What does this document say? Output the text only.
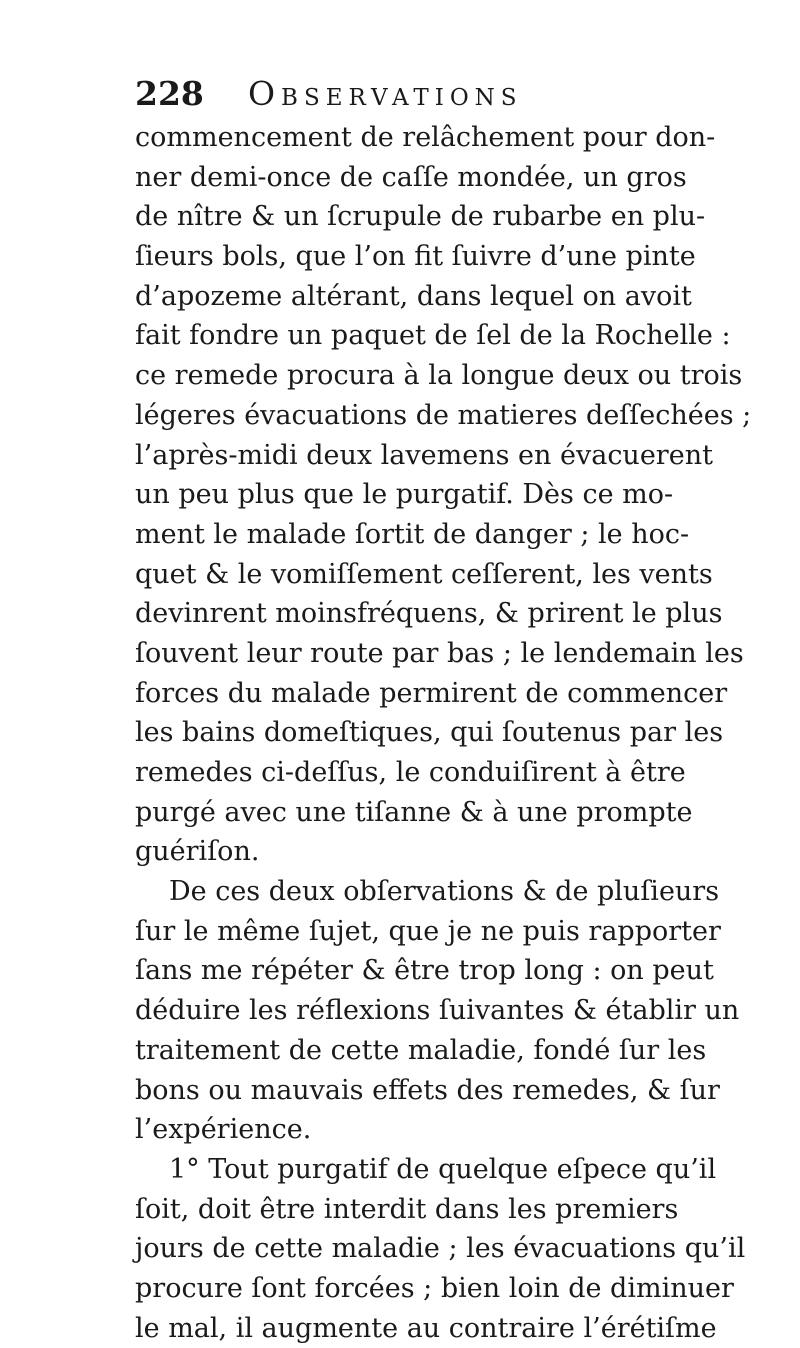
228 Observations
commencement de relâchement pour don-
ner demi-once de caſſe mondée, un gros
de nître & un ſcrupule de rubarbe en plu-
ſieurs bols, que l’on fit ſuivre d’une pinte
d’apozeme altérant, dans lequel on avoit
fait fondre un paquet de ſel de la Rochelle :
ce remede procura à la longue deux ou trois
légeres évacuations de matieres deſſechées ;
l’après-midi deux lavemens en évacuerent
un peu plus que le purgatif. Dès ce mo-
ment le malade ſortit de danger ; le hoc-
quet & le vomiſſement ceſſerent, les vents
devinrent moinsfréquens, & prirent le plus
ſouvent leur route par bas ; le lendemain les
forces du malade permirent de commencer
les bains domeſtiques, qui ſoutenus par les
remedes ci-deſſus, le conduiſirent à être
purgé avec une tiſanne & à une prompte
guériſon.
De ces deux obſervations & de pluſieurs
ſur le même ſujet, que je ne puis rapporter
ſans me répéter & être trop long : on peut
déduire les réflexions ſuivantes & établir un
traitement de cette maladie, fondé ſur les
bons ou mauvais effets des remedes, & ſur
l’expérience.
1° Tout purgatif de quelque eſpece qu’il
ſoit, doit être interdit dans les premiers
jours de cette maladie ; les évacuations qu’il
procure ſont forcées ; bien loin de diminuer
le mal, il augmente au contraire l’érétiſme
